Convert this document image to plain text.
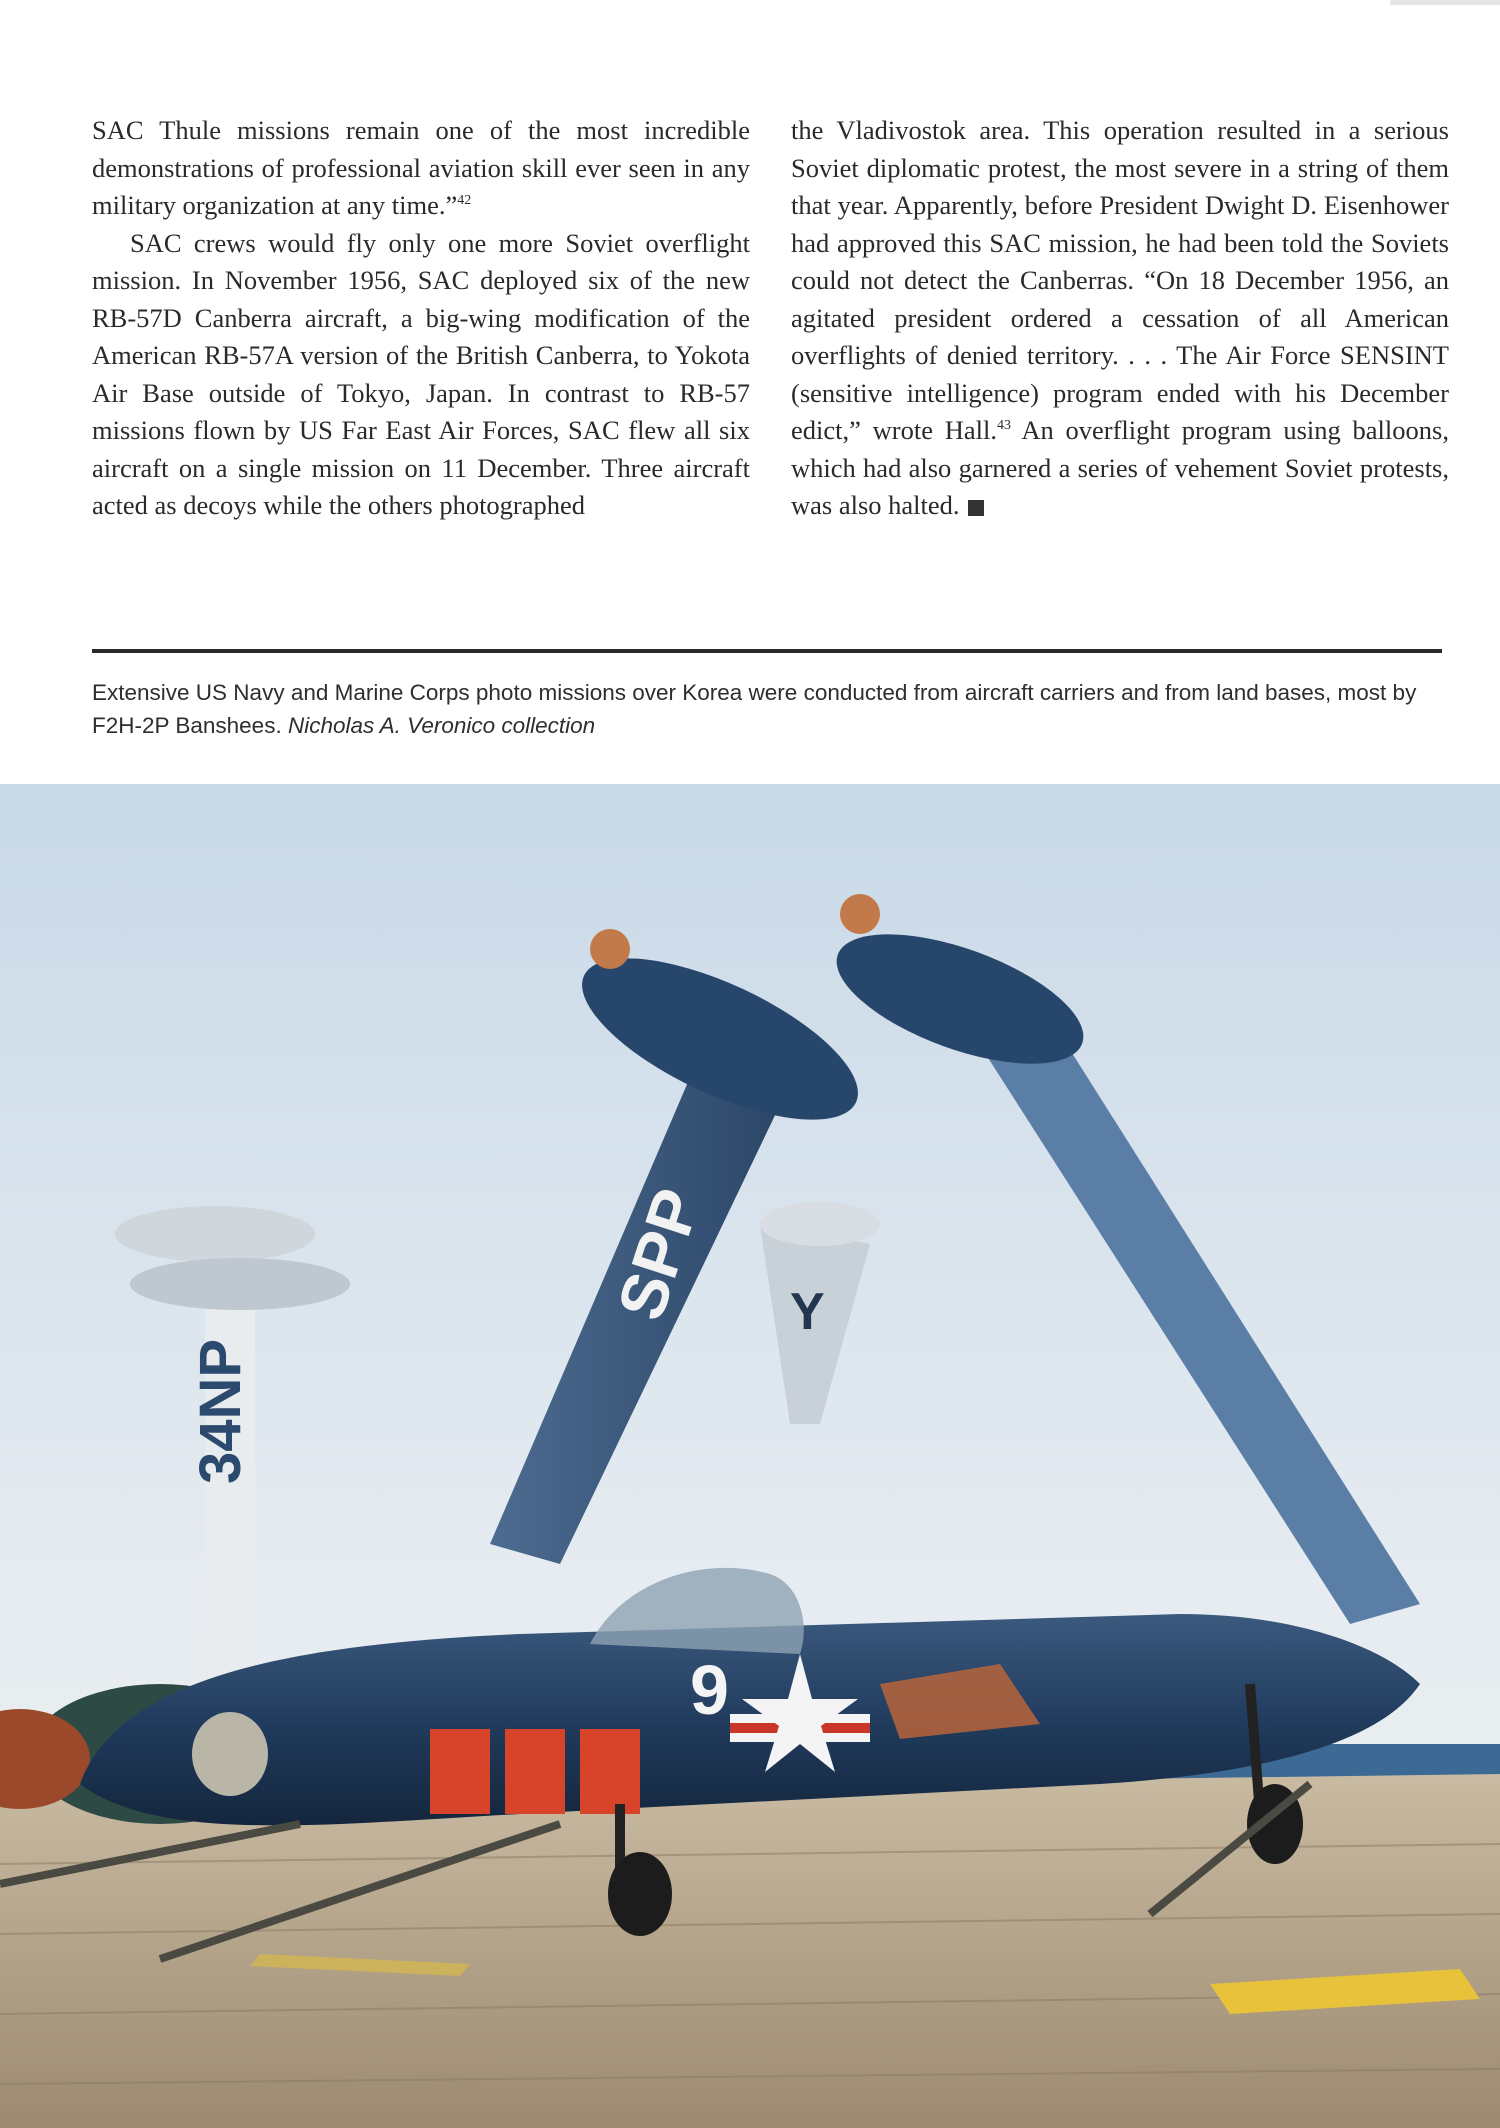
SAC Thule missions remain one of the most incredible demonstrations of professional aviation skill ever seen in any military organization at any time.”$^{42}$

SAC crews would fly only one more Soviet overflight mission. In November 1956, SAC deployed six of the new RB-57D Canberra aircraft, a big-wing modification of the American RB-57A version of the British Canberra, to Yokota Air Base outside of Tokyo, Japan. In contrast to RB-57 missions flown by US Far East Air Forces, SAC flew all six aircraft on a single mission on 11 December. Three aircraft acted as decoys while the others photographed

the Vladivostok area. This operation resulted in a serious Soviet diplomatic protest, the most severe in a string of them that year. Apparently, before President Dwight D. Eisenhower had approved this SAC mission, he had been told the Soviets could not detect the Canberras. “On 18 December 1956, an agitated president ordered a cessation of all American overflights of denied territory. . . . The Air Force SENSINT (sensitive intelligence) program ended with his December edict,” wrote Hall.$^{43}$ An overflight program using balloons, which had also garnered a series of vehement Soviet protests, was also halted.

Extensive US Navy and Marine Corps photo missions over Korea were conducted from aircraft carriers and from land bases, most by F2H-2P Banshees. Nicholas A. Veronico collection
34NP
Y
SPP
9
